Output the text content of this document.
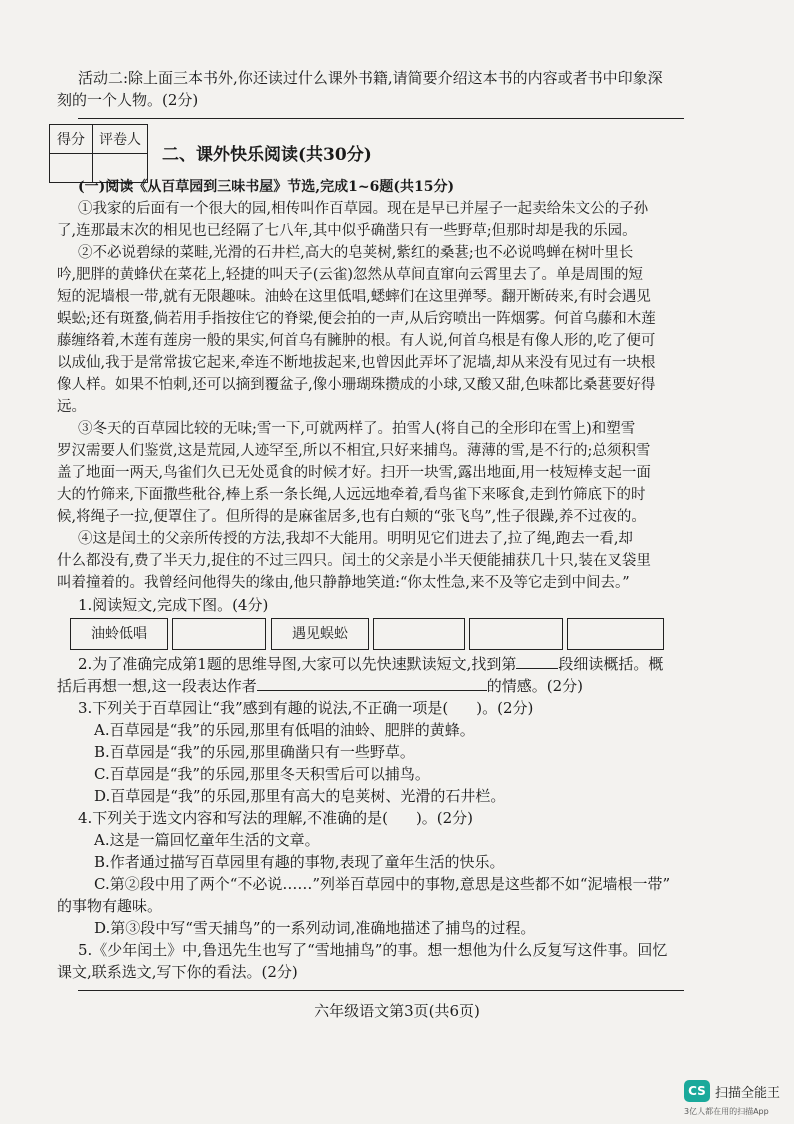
活动二:除上面三本书外,你还读过什么课外书籍,请简要介绍这本书的内容或者书中印象深
刻的一个人物。(2分)
得分	评卷人

二、课外快乐阅读(共30分)
(一)阅读《从百草园到三味书屋》节选,完成1~6题(共15分)
①我家的后面有一个很大的园,相传叫作百草园。现在是早已并屋子一起卖给朱文公的子孙
了,连那最末次的相见也已经隔了七八年,其中似乎确凿只有一些野草;但那时却是我的乐园。
②不必说碧绿的菜畦,光滑的石井栏,高大的皂荚树,紫红的桑葚;也不必说鸣蝉在树叶里长
吟,肥胖的黄蜂伏在菜花上,轻捷的叫天子(云雀)忽然从草间直窜向云霄里去了。单是周围的短
短的泥墙根一带,就有无限趣味。油蛉在这里低唱,蟋蟀们在这里弹琴。翻开断砖来,有时会遇见
蜈蚣;还有斑蝥,倘若用手指按住它的脊梁,便会拍的一声,从后窍喷出一阵烟雾。何首乌藤和木莲
藤缠络着,木莲有莲房一般的果实,何首乌有臃肿的根。有人说,何首乌根是有像人形的,吃了便可
以成仙,我于是常常拔它起来,牵连不断地拔起来,也曾因此弄坏了泥墙,却从来没有见过有一块根
像人样。如果不怕刺,还可以摘到覆盆子,像小珊瑚珠攒成的小球,又酸又甜,色味都比桑葚要好得
远。
③冬天的百草园比较的无味;雪一下,可就两样了。拍雪人(将自己的全形印在雪上)和塑雪
罗汉需要人们鉴赏,这是荒园,人迹罕至,所以不相宜,只好来捕鸟。薄薄的雪,是不行的;总须积雪
盖了地面一两天,鸟雀们久已无处觅食的时候才好。扫开一块雪,露出地面,用一枝短棒支起一面
大的竹筛来,下面撒些秕谷,棒上系一条长绳,人远远地牵着,看鸟雀下来啄食,走到竹筛底下的时
候,将绳子一拉,便罩住了。但所得的是麻雀居多,也有白颊的“张飞鸟”,性子很躁,养不过夜的。
④这是闰土的父亲所传授的方法,我却不大能用。明明见它们进去了,拉了绳,跑去一看,却
油蛉低唱	遇见蜈蚣
2.为了准确完成第1题的思维导图,大家可以先快速默读短文,找到第	段细读概括。概
括后再想一想,这一段表达作者	的情感。(2分)
3.下列关于百草园让“我”感到有趣的说法,不正确一项是( )。(2分)
A.百草园是“我”的乐园,那里有低唱的油蛉、肥胖的黄蜂。
B.百草园是“我”的乐园,那里确凿只有一些野草。
C.百草园是“我”的乐园,那里冬天积雪后可以捕鸟。
D.百草园是“我”的乐园,那里有高大的皂荚树、光滑的石井栏。
4.下列关于选文内容和写法的理解,不准确的是( )。(2分)
A.这是一篇回忆童年生活的文章。
B.作者通过描写百草园里有趣的事物,表现了童年生活的快乐。
C.第②段中用了两个“不必说……”列举百草园中的事物,意思是这些都不如“泥墙根一带”
的事物有趣味。
D.第③段中写“雪天捕鸟”的一系列动词,准确地描述了捕鸟的过程。
5.《少年闰土》中,鲁迅先生也写了“雪地捕鸟”的事。想一想他为什么反复写这件事。回忆
课文,联系选文,写下你的看法。(2分)
六年级语文第3页(共6页)
CS 扫描全能王
3亿人都在用的扫描App
什么都没有,费了半天力,捉住的不过三四只。闰土的父亲是小半天便能捕获几十只,装在叉袋里
叫着撞着的。我曾经问他得失的缘由,他只静静地笑道:“你太性急,来不及等它走到中间去。”
1.阅读短文,完成下图。(4分)
